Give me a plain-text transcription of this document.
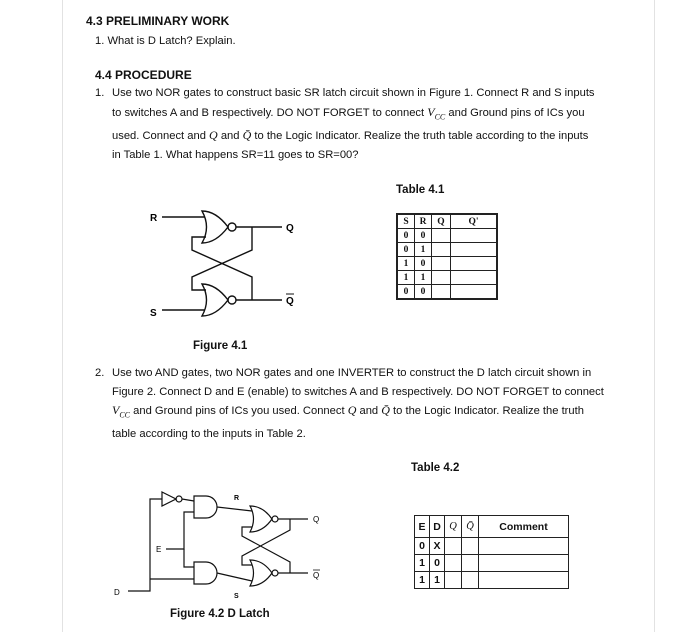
4.3 PRELIMINARY WORK
1. What is D Latch? Explain.
4.4 PROCEDURE
1. Use two NOR gates to construct basic SR latch circuit shown in Figure 1. Connect R and S inputs
to switches A and B respectively. DO NOT FORGET to connect $V_{CC}$ and Ground pins of ICs you
used. Connect and Q and Q̄ to the Logic Indicator. Realize the truth table according to the inputs
in Table 1. What happens SR=11 goes to SR=00?
Table 4.1
S	R	Q	Q'
0	0		
0	1		
1	0		
1	1		
0	0		
R
S
Q
Q
Figure 4.1
2. Use two AND gates, two NOR gates and one INVERTER to construct the D latch circuit shown in
Figure 2. Connect D and E (enable) to switches A and B respectively. DO NOT FORGET to connect
$V_{CC}$ and Ground pins of ICs you used. Connect Q and Q̄ to the Logic Indicator. Realize the truth
table according to the inputs in Table 2.
Table 4.2
E	D	Q	Q̄	Comment
0	X			
1	0			
1	1			
D
E
R
S
Q
Q
Figure 4.2 D Latch
